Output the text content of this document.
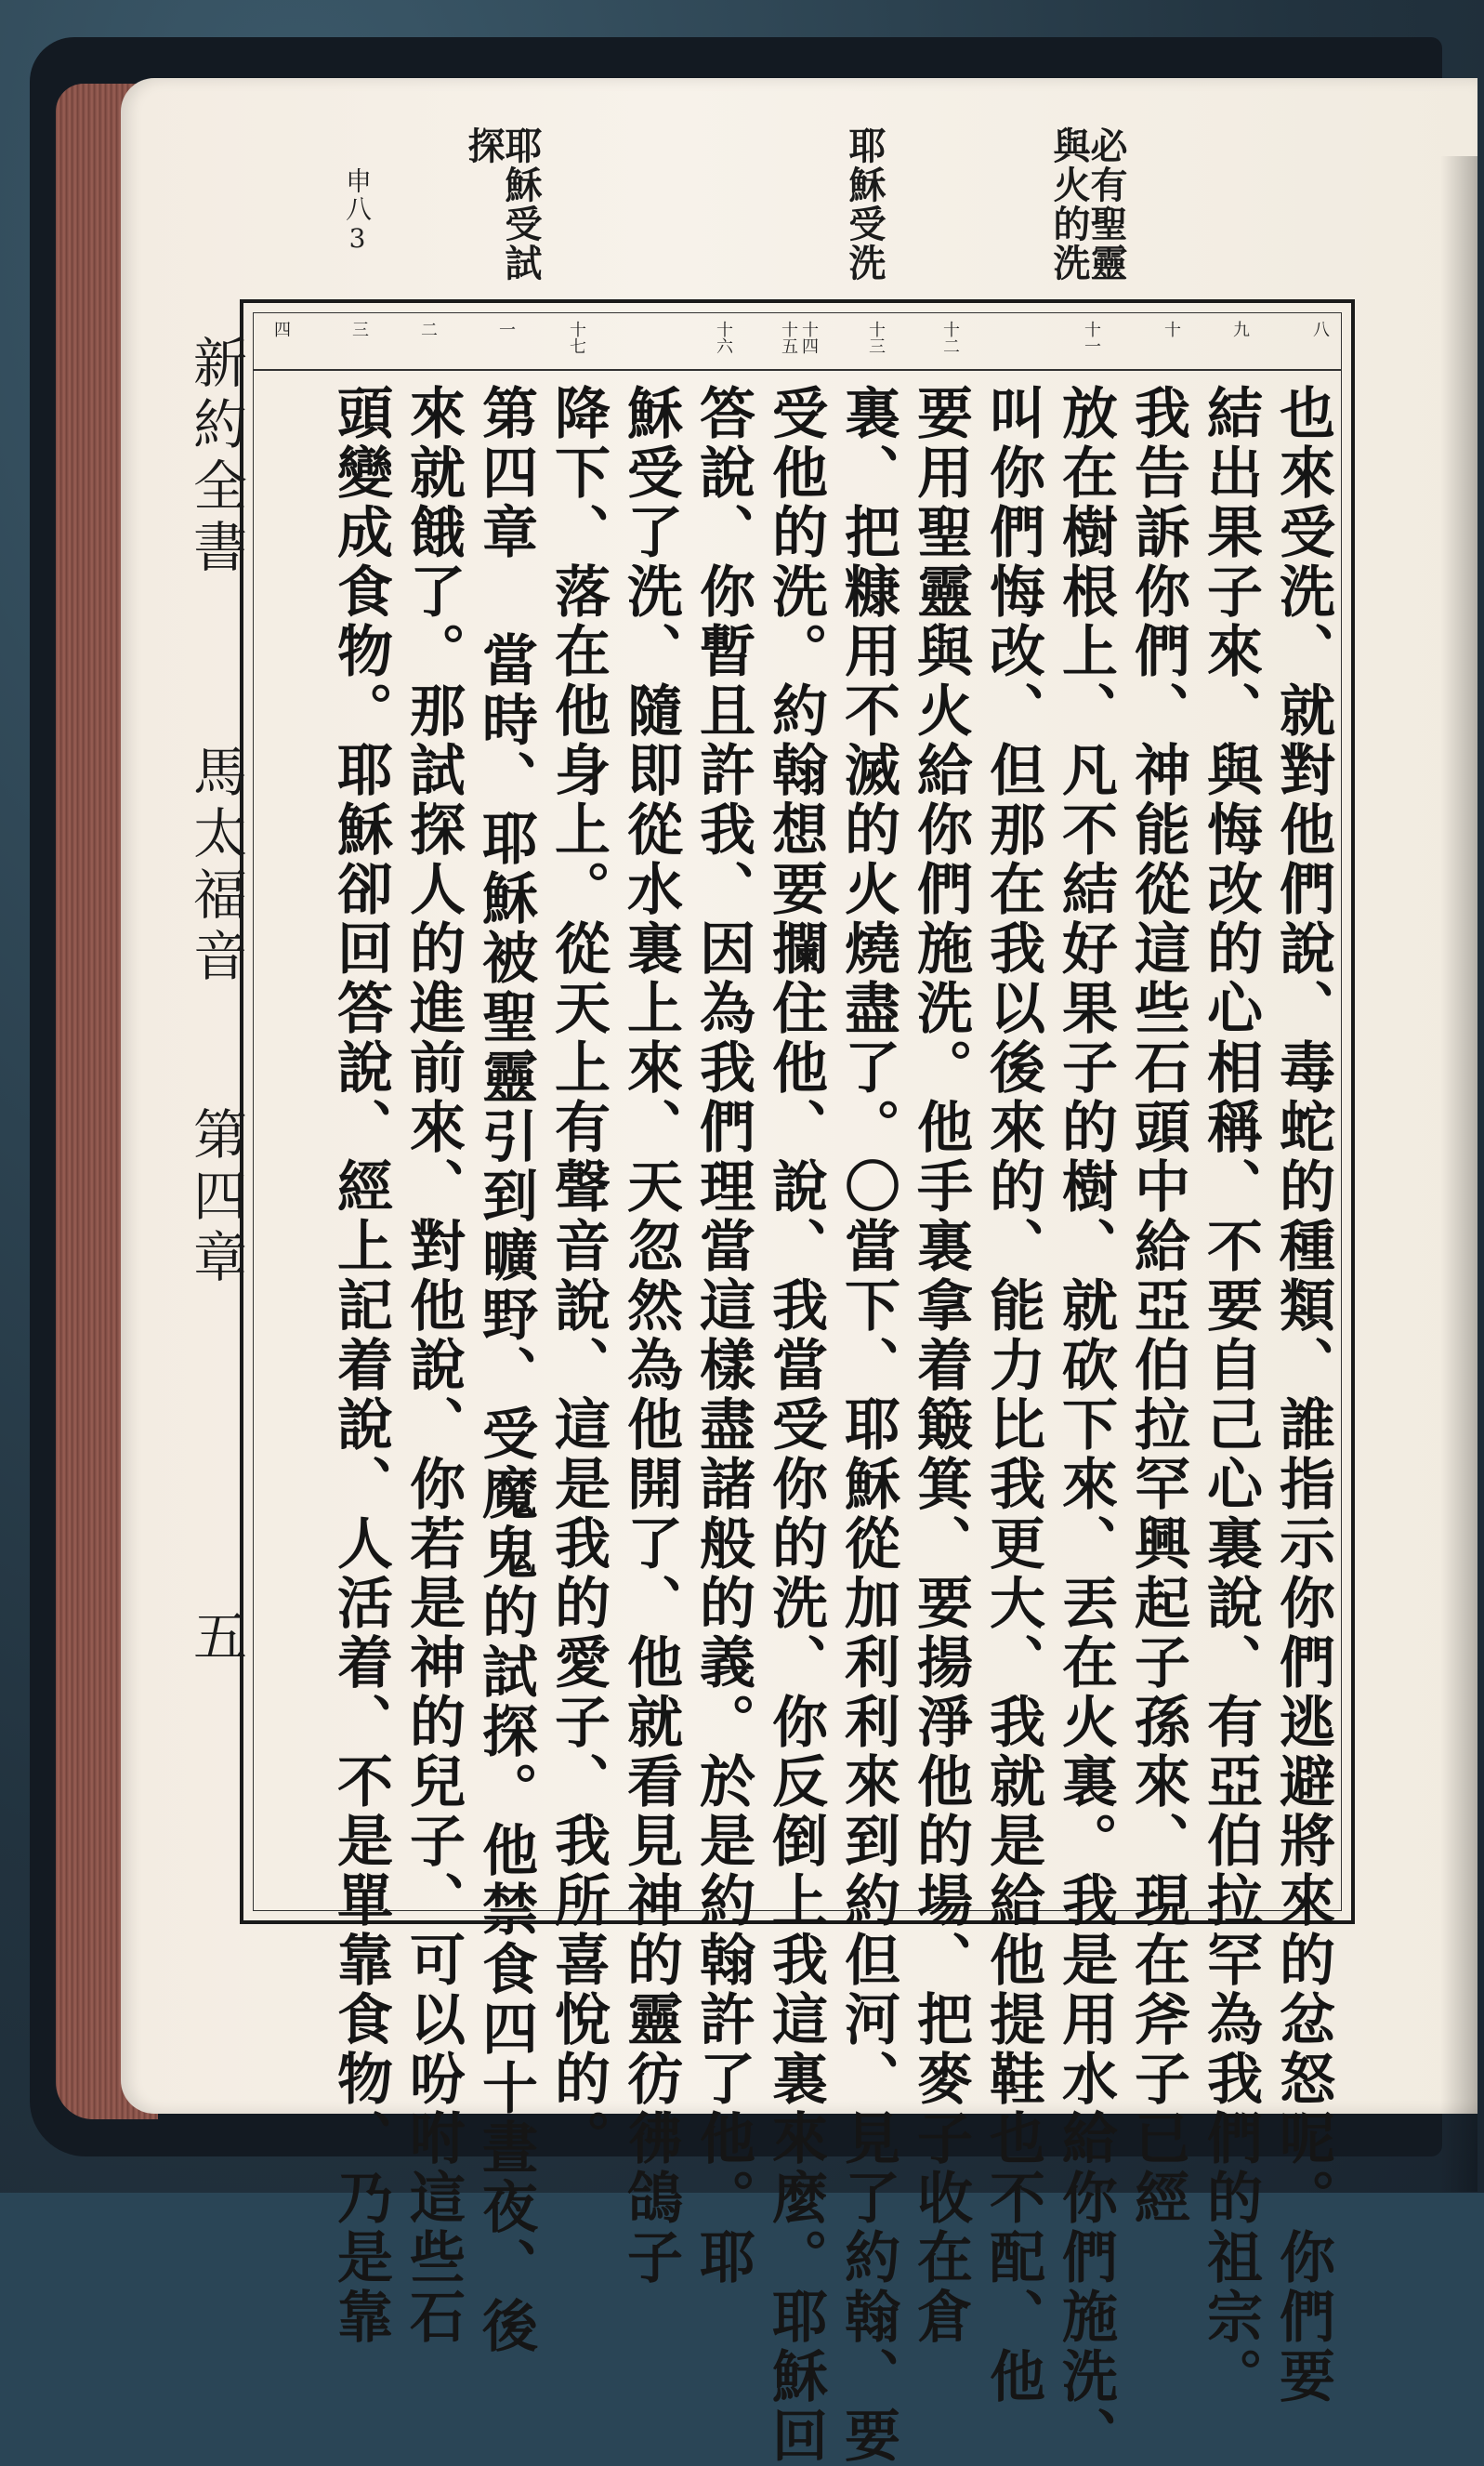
必有聖靈與火的洗
耶穌受洗
耶穌受試探
申八3
新約全書
馬太福音
第四章
五
八
九
十
十一
十二
十三
十四
十五
十六
十七
一
二
三
四
也來受洗、就對他們說、毒蛇的種類、誰指示你們逃避將來的忿怒呢。你們要
結出果子來、與悔改的心相稱、不要自己心裏說、有亞伯拉罕為我們的祖宗。
我告訴你們、神能從這些石頭中給亞伯拉罕興起子孫來、現在斧子已經
放在樹根上、凡不結好果子的樹、就砍下來、丟在火裏。我是用水給你們施洗、
叫你們悔改、但那在我以後來的、能力比我更大、我就是給他提鞋也不配、他
要用聖靈與火給你們施洗。他手裏拿着簸箕、要揚淨他的場、把麥子收在倉
裏、把糠用不滅的火燒盡了。〇當下、耶穌從加利利來到約但河、見了約翰、要
受他的洗。約翰想要攔住他、說、我當受你的洗、你反倒上我這裏來麼。耶穌回
答說、你暫且許我、因為我們理當這樣盡諸般的義。於是約翰許了他。耶
穌受了洗、隨即從水裏上來、天忽然為他開了、他就看見神的靈彷彿鴿子
降下、落在他身上。從天上有聲音說、這是我的愛子、我所喜悅的。
第四章 當時、耶穌被聖靈引到曠野、受魔鬼的試探。他禁食四十晝夜、後
來就餓了。那試探人的進前來、對他說、你若是神的兒子、可以吩咐這些石
頭變成食物。耶穌卻回答說、經上記着說、人活着、不是單靠食物、乃是靠
